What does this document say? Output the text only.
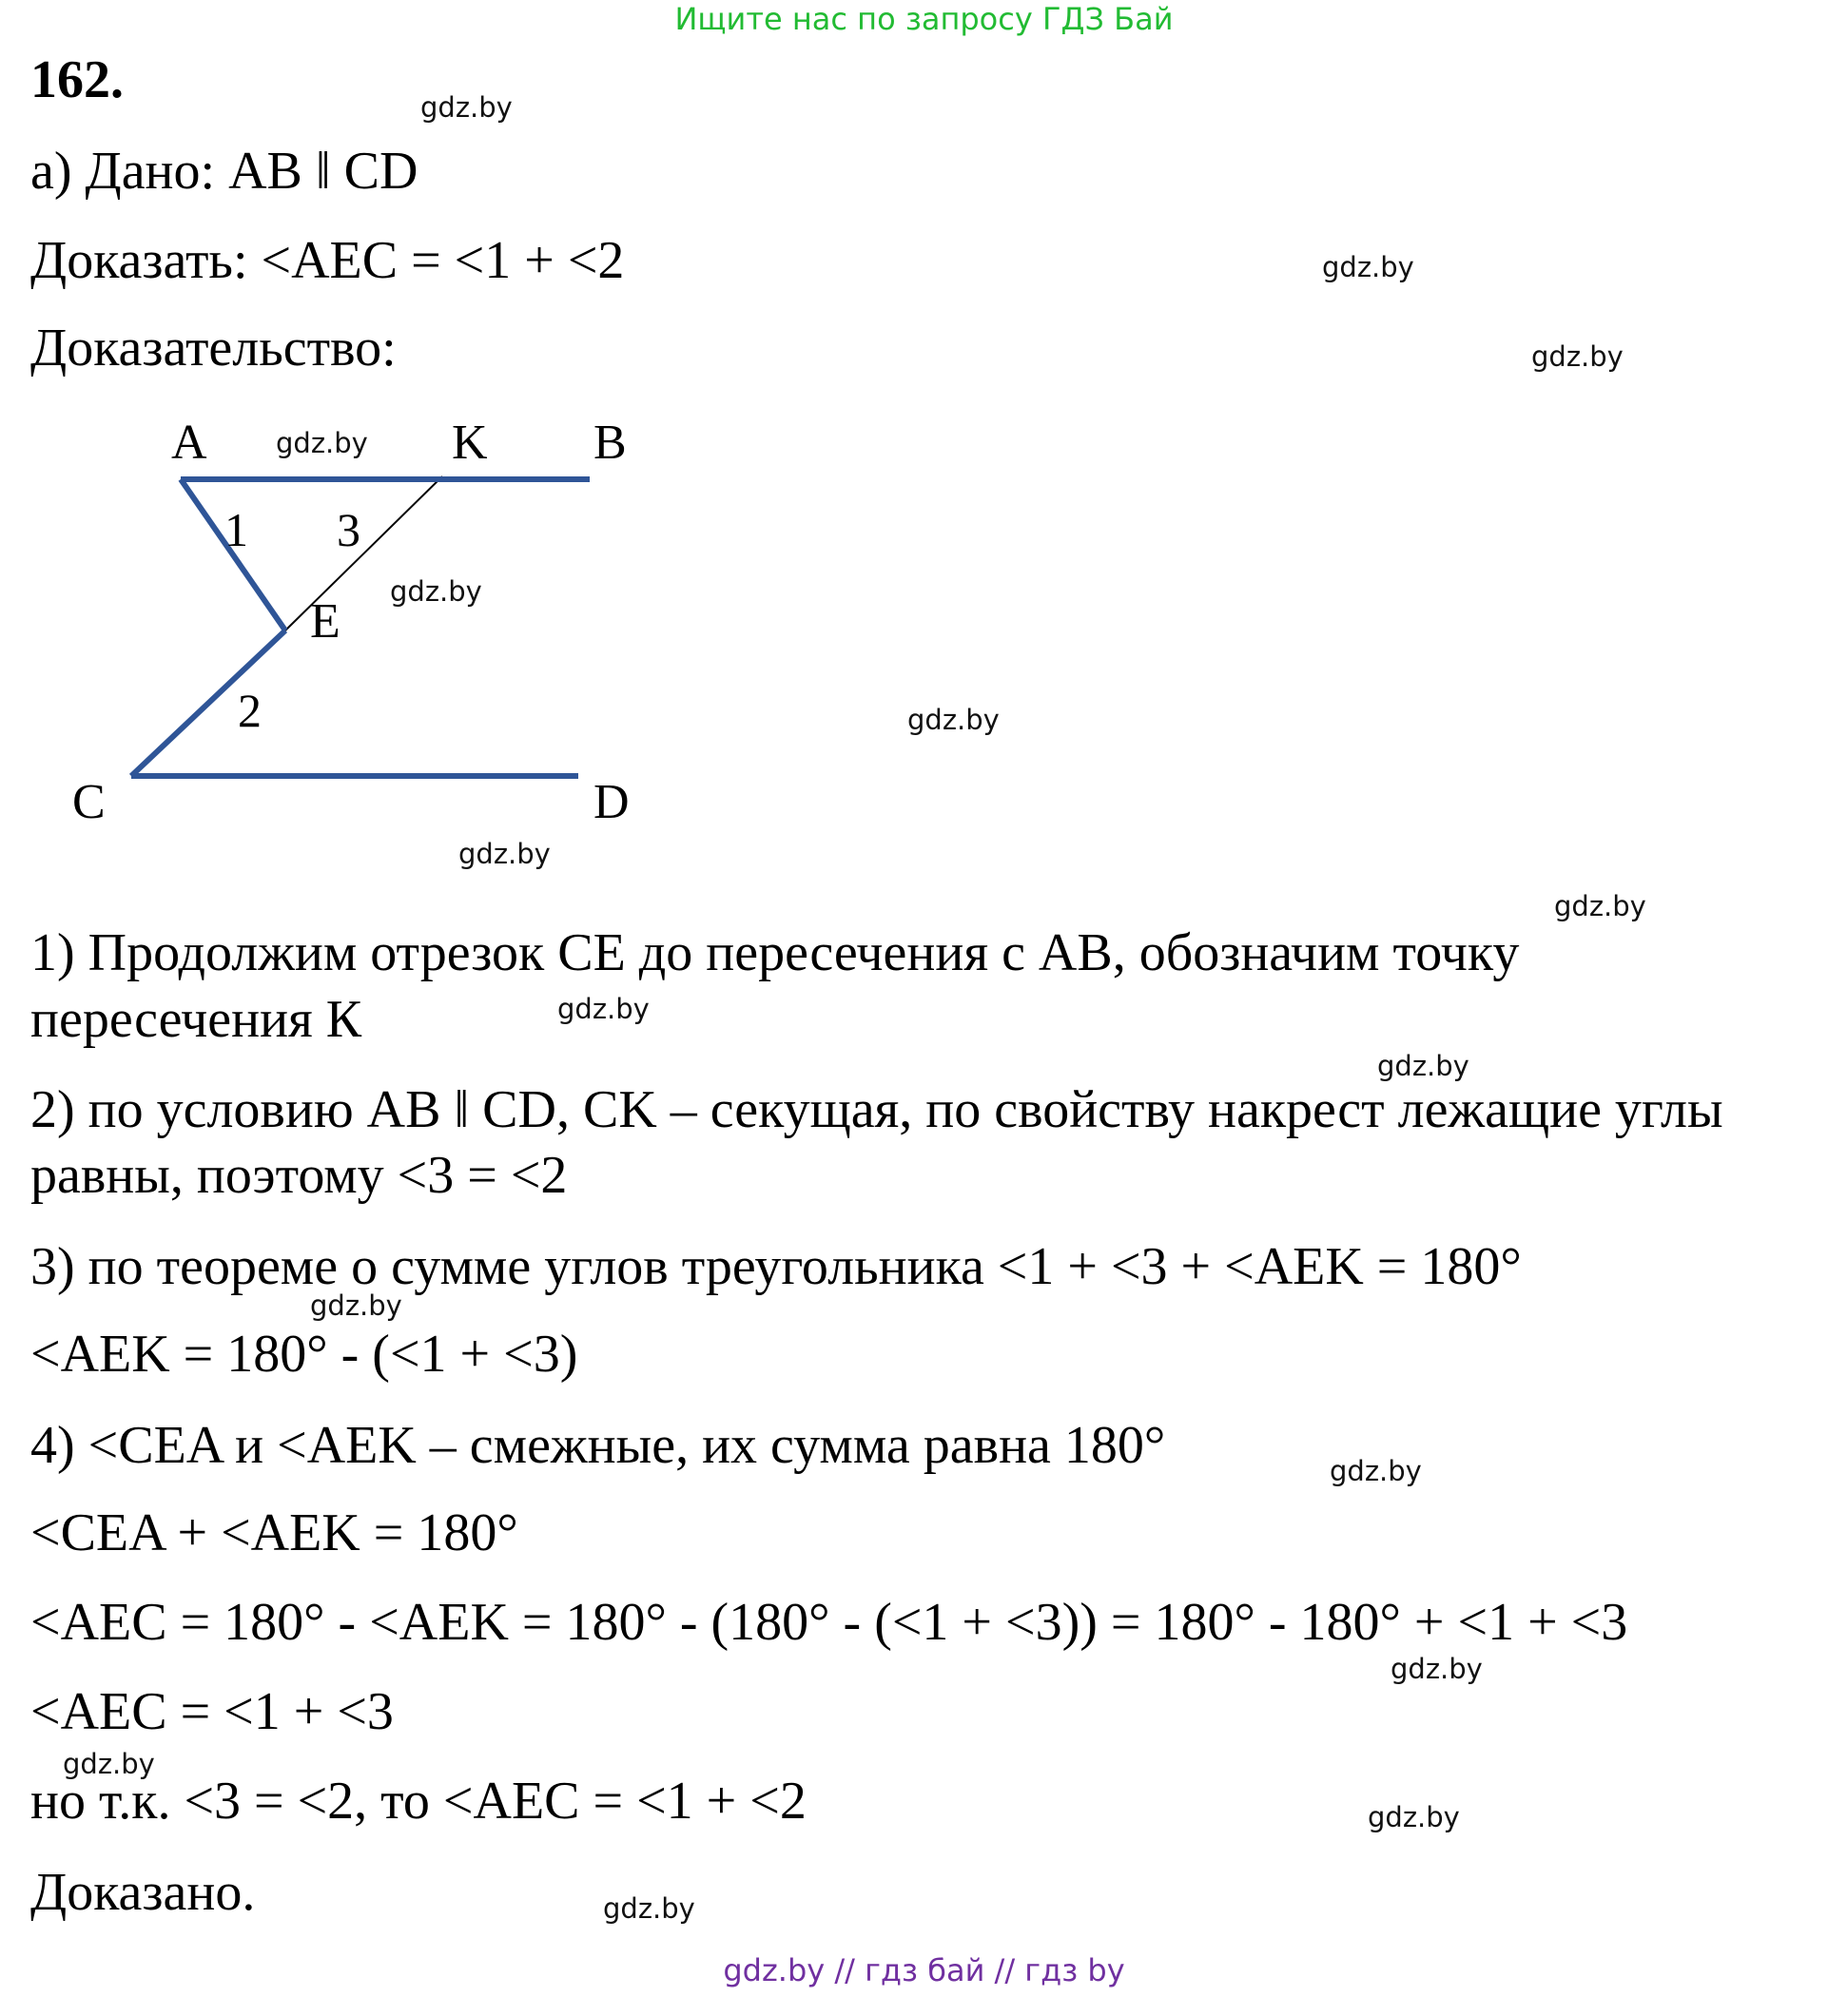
Ищите нас по запросу ГДЗ Бай
162.
а) Дано: AB ǁ CD
Доказать: <AEC = <1 + <2
Доказательство:
A	K B
E
C	D
1 3
2
gdz.by
gdz.by
gdz.by
1) Продолжим отрезок CE до пересечения с AB, обозначим точку
пересечения К
2) по условию AB ǁ CD, CK – секущая, по свойству накрест лежащие углы
равны, поэтому <3 = <2
3) по теореме о сумме углов треугольника <1 + <3 + <AEK = 180°
<AEK = 180° - (<1 + <3)
4) <CEA и <AEK – смежные, их сумма равна 180°
<CEA + <AEK = 180°
<AEC = 180° - <AEK = 180° - (180° - (<1 + <3)) = 180° - 180° + <1 + <3
<AEC = <1 + <3
но т.к. <3 = <2, то <AEC = <1 + <2
Доказано.
gdz.by
gdz.by
gdz.by
gdz.by
gdz.by
gdz.by
gdz.by
gdz.by
gdz.by
gdz.by
gdz.by
gdz.by
gdz.by
gdz.by // гдз бай // гдз by
